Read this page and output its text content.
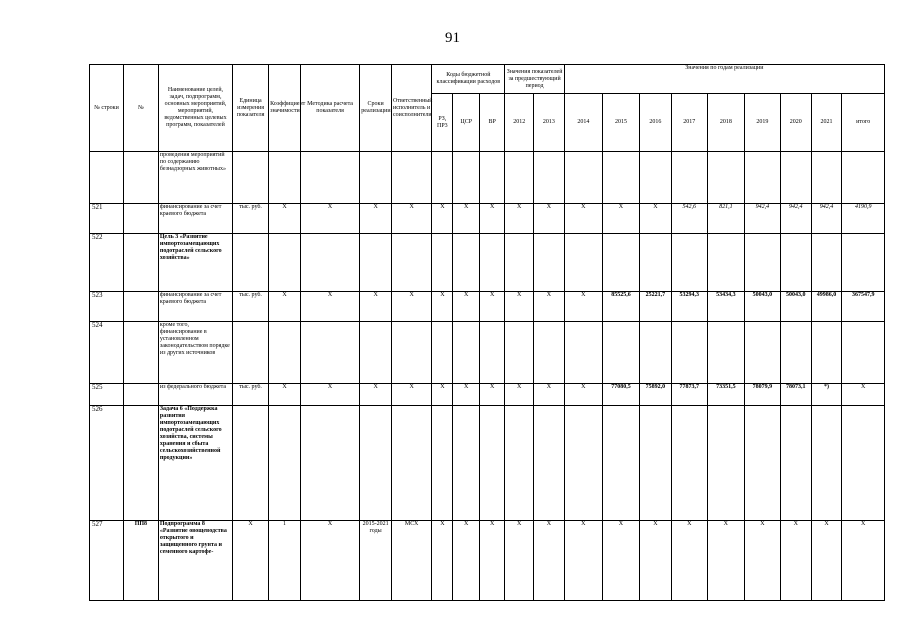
91
№ строки	№	Наименование целей, задач, подпрограмм, основных мероприятий, мероприятий, ведомственных целевых программ, показателей	Единица измерения показателя	Коэффициент значимости	Методика расчета показателя	Сроки реализации	Ответственный исполнитель и соисполнители	Коды бюджетной классификации расходов			Значения показателей за предшествующий период		Значения по годам реализации								
								РЗ, ПР3	ЦСР	ВР	2012	2013	2014	2015	2016	2017	2018	2019	2020	2021	итого
		проведения мероприятий по содержанию безнадзорных животных»																			
521		финансирование за счет краевого бюджета	тыс. руб.	X	X	X	X	X	X	X	X	X	X	X	X	542,6	821,1	942,4	942,4	942,4	4190,9
522		Цель 3 «Развитие импортозамещающих подотраслей сельского хозяйства»																			
523		финансирование за счет краевого бюджета	тыс. руб.	X	X	X	X	X	X	X	X	X	X	85525,6	25221,7	53294,3	53434,3	50043,0	50043,0	49986,0	367547,9
524		кроме того, финансирование в установленном законодательством порядке из других источников																			
525		из федерального бюджета	тыс. руб.	X	X	X	X	X	X	X	X	X	X	77080,5	75892,0	77873,7	73351,5	78079,9	78073,1	*)	X
526		Задача 6 «Поддержка развития импортозамещающих подотраслей сельского хозяйства, системы хранения и сбыта сельскохозяйственной продукции»																			
527	ПП8	Подпрограмма 8 «Развитие овощеводства открытого и защищенного грунта и семенного картофе-	X	1	X	2015-2021 годы	МСХ	X	X	X	X	X	X	X	X	X	X	X	X	X	X
